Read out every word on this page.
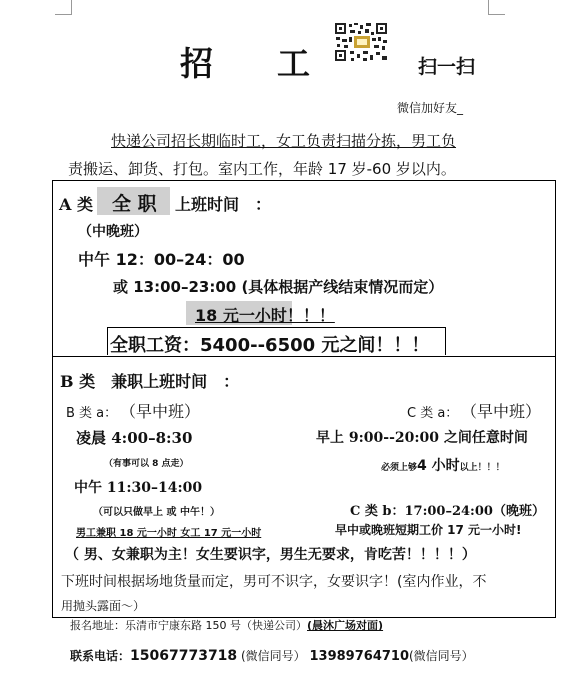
招 工	扫一扫
微信加好友_
快递公司招长期临时工，女工负责扫描分拣，男工负
责搬运、卸货、打包。室内工作，年龄 17 岁-60 岁以内。
A 类 全 职 上班时间　：
（中晚班）
中午 12：00–24：00
或 13:00–23:00 (具体根据产线结束情况而定）
18 元一小时！！！
全职工资：5400--6500 元之间！！！
B 类　兼职上班时间　：
B 类 a： （早中班）
凌晨 4:00–8:30
（有事可以 8 点走）
中午 11:30–14:00
（可以只做早上 或 中午！）
C 类 a： （早中班）
早上 9:00--20:00 之间任意时间
必须上够4 小时以上！！！
C 类 b：17:00–24:00（晚班）
男工兼职 18 元一小时 女工 17 元一小时	早中或晚班短期工价 17 元一小时!
（ 男、女兼职为主！女生要识字，男生无要求，肯吃苦！！！！）
下班时间根据场地货量而定，男可不识字，女要识字！(室内作业，不
用抛头露面～）
报名地址：乐清市宁康东路 150 号（快递公司）(晨沐广场对面)
联系电话：15067773718 (微信同号） 13989764710(微信同号）
